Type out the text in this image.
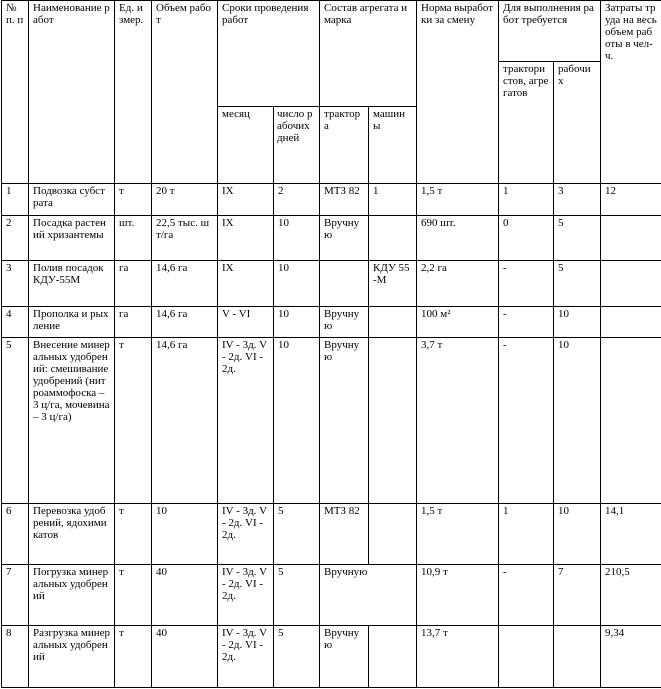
№ п. п	Наименование работ	Ед. измер.	Объем работ	Сроки проведения работ		Состав агрегата и марка		Норма выработки за смену	Для выполнения работ требуется		Затраты труда на весь объем работы в чел-ч.
									трактористов, агрегатов	рабочих	
				месяц	число рабочих дней	трактора	машины				
1	Подвозка субстрата	т	20 т	IX	2	МТЗ 82	1	1,5 т	1	3	12
2	Посадка растений хризантемы	шт.	22,5 тыс. шт/га	IX	10	Вручную		690 шт.	0	5	
3	Полив посадок КДУ-55М	га	14,6 га	IX	10		КДУ 55-М	2,2 га	-	5	
4	Прополка и рыхление	га	14,6 га	V - VI	10	Вручную		100 м²	-	10	
5	Внесение минеральных удобрений: смешивание удобрений (нитроаммофоска – 3 ц/га, мочевина – 3 ц/га)	т	14,6 га	IV - 3д. V - 2д. VI - 2д.	10	Вручную		3,7 т	-	10	
6	Перевозка удобрений, ядохимикатов	т	10	IV - 3д. V - 2д. VI - 2д.	5	МТЗ 82		1,5 т	1	10	14,1
7	Погрузка минеральных удобрений	т	40	IV - 3д. V - 2д. VI - 2д.	5	Вручную		10,9 т	-	7	210,5
8	Разгрузка минеральных удобрений	т	40	IV - 3д. V - 2д. VI - 2д.	5	Вручную		13,7 т			9,34
